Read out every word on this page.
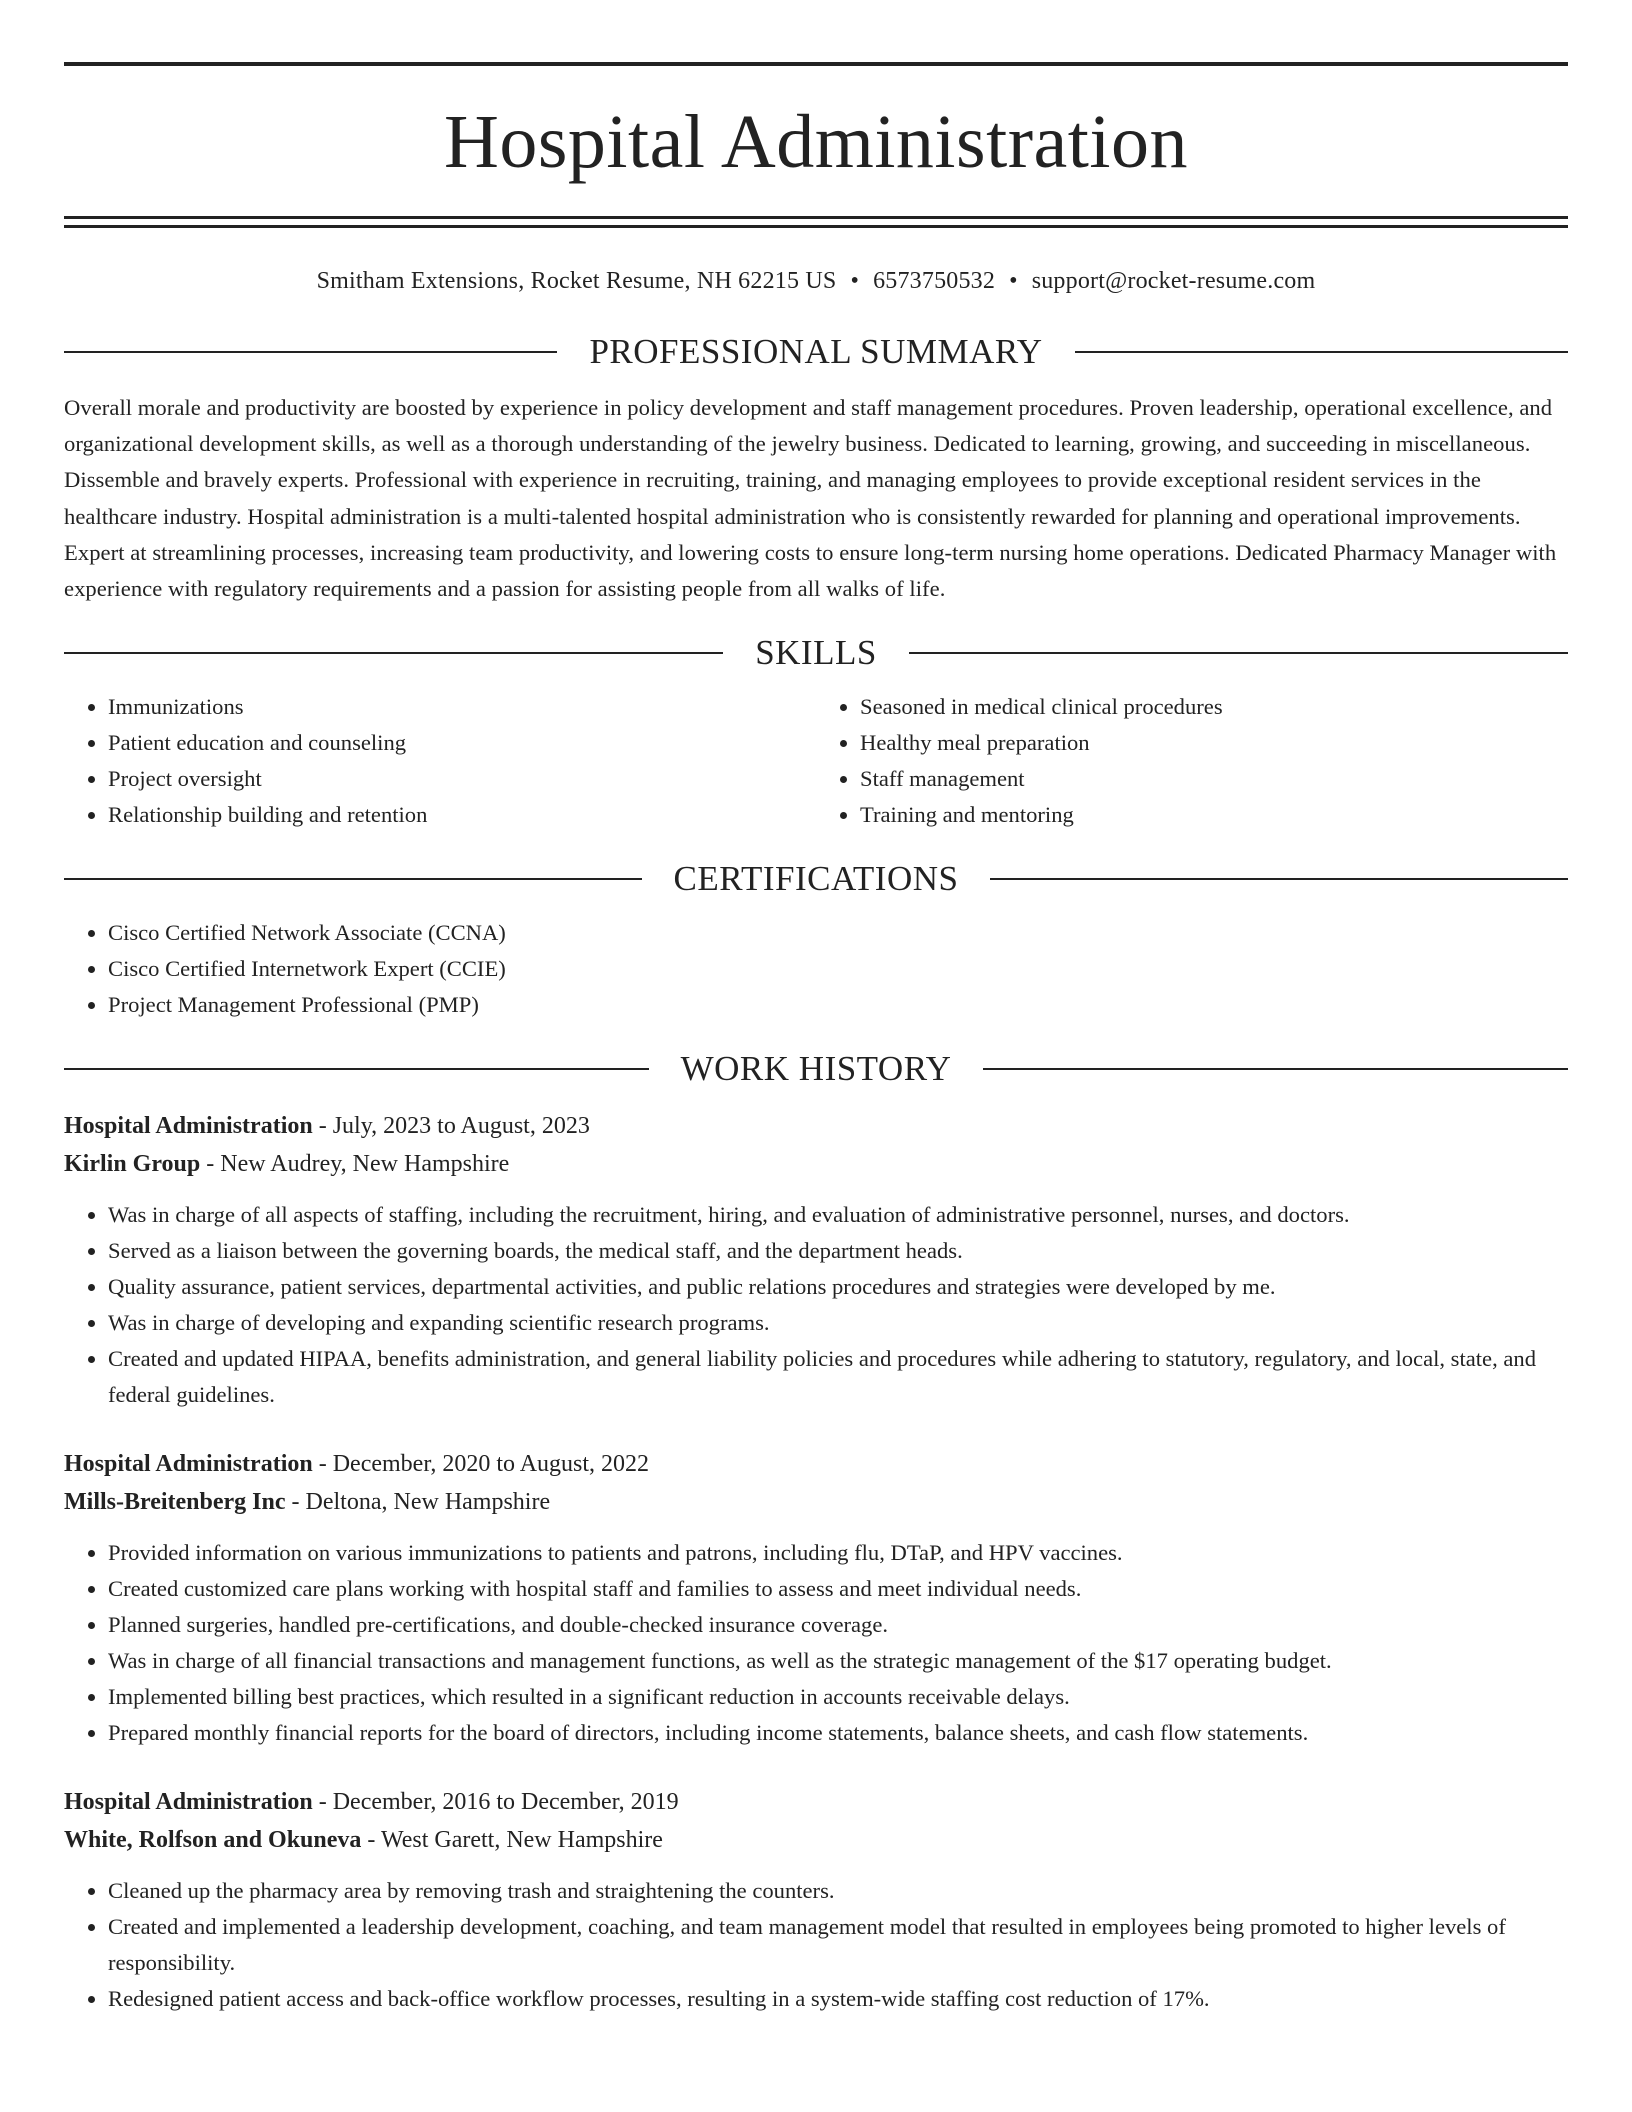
Hospital Administration
Smitham Extensions, Rocket Resume, NH 62215 US • 6573750532 • support@rocket-resume.com
PROFESSIONAL SUMMARY

Overall morale and productivity are boosted by experience in policy development and staff management procedures. Proven leadership, operational excellence, and organizational development skills, as well as a thorough understanding of the jewelry business. Dedicated to learning, growing, and succeeding in miscellaneous. Dissemble and bravely experts. Professional with experience in recruiting, training, and managing employees to provide exceptional resident services in the healthcare industry. Hospital administration is a multi-talented hospital administration who is consistently rewarded for planning and operational improvements. Expert at streamlining processes, increasing team productivity, and lowering costs to ensure long-term nursing home operations. Dedicated Pharmacy Manager with experience with regulatory requirements and a passion for assisting people from all walks of life.

SKILLS
• Immunizations
• Patient education and counseling
• Project oversight
• Relationship building and retention
• Seasoned in medical clinical procedures
• Healthy meal preparation
• Staff management
• Training and mentoring
CERTIFICATIONS
• Cisco Certified Network Associate (CCNA)
• Cisco Certified Internetwork Expert (CCIE)
• Project Management Professional (PMP)
WORK HISTORY
Hospital Administration - July, 2023 to August, 2023
Kirlin Group - New Audrey, New Hampshire
• Was in charge of all aspects of staffing, including the recruitment, hiring, and evaluation of administrative personnel, nurses, and doctors.
• Served as a liaison between the governing boards, the medical staff, and the department heads.
• Quality assurance, patient services, departmental activities, and public relations procedures and strategies were developed by me.
• Was in charge of developing and expanding scientific research programs.
• Created and updated HIPAA, benefits administration, and general liability policies and procedures while adhering to statutory, regulatory, and local, state, and federal guidelines.
Hospital Administration - December, 2020 to August, 2022
Mills-Breitenberg Inc - Deltona, New Hampshire
• Provided information on various immunizations to patients and patrons, including flu, DTaP, and HPV vaccines.
• Created customized care plans working with hospital staff and families to assess and meet individual needs.
• Planned surgeries, handled pre-certifications, and double-checked insurance coverage.
• Was in charge of all financial transactions and management functions, as well as the strategic management of the $17 operating budget.
• Implemented billing best practices, which resulted in a significant reduction in accounts receivable delays.
• Prepared monthly financial reports for the board of directors, including income statements, balance sheets, and cash flow statements.
Hospital Administration - December, 2016 to December, 2019
White, Rolfson and Okuneva - West Garett, New Hampshire
• Cleaned up the pharmacy area by removing trash and straightening the counters.
• Created and implemented a leadership development, coaching, and team management model that resulted in employees being promoted to higher levels of responsibility.
• Redesigned patient access and back-office workflow processes, resulting in a system-wide staffing cost reduction of 17%.
